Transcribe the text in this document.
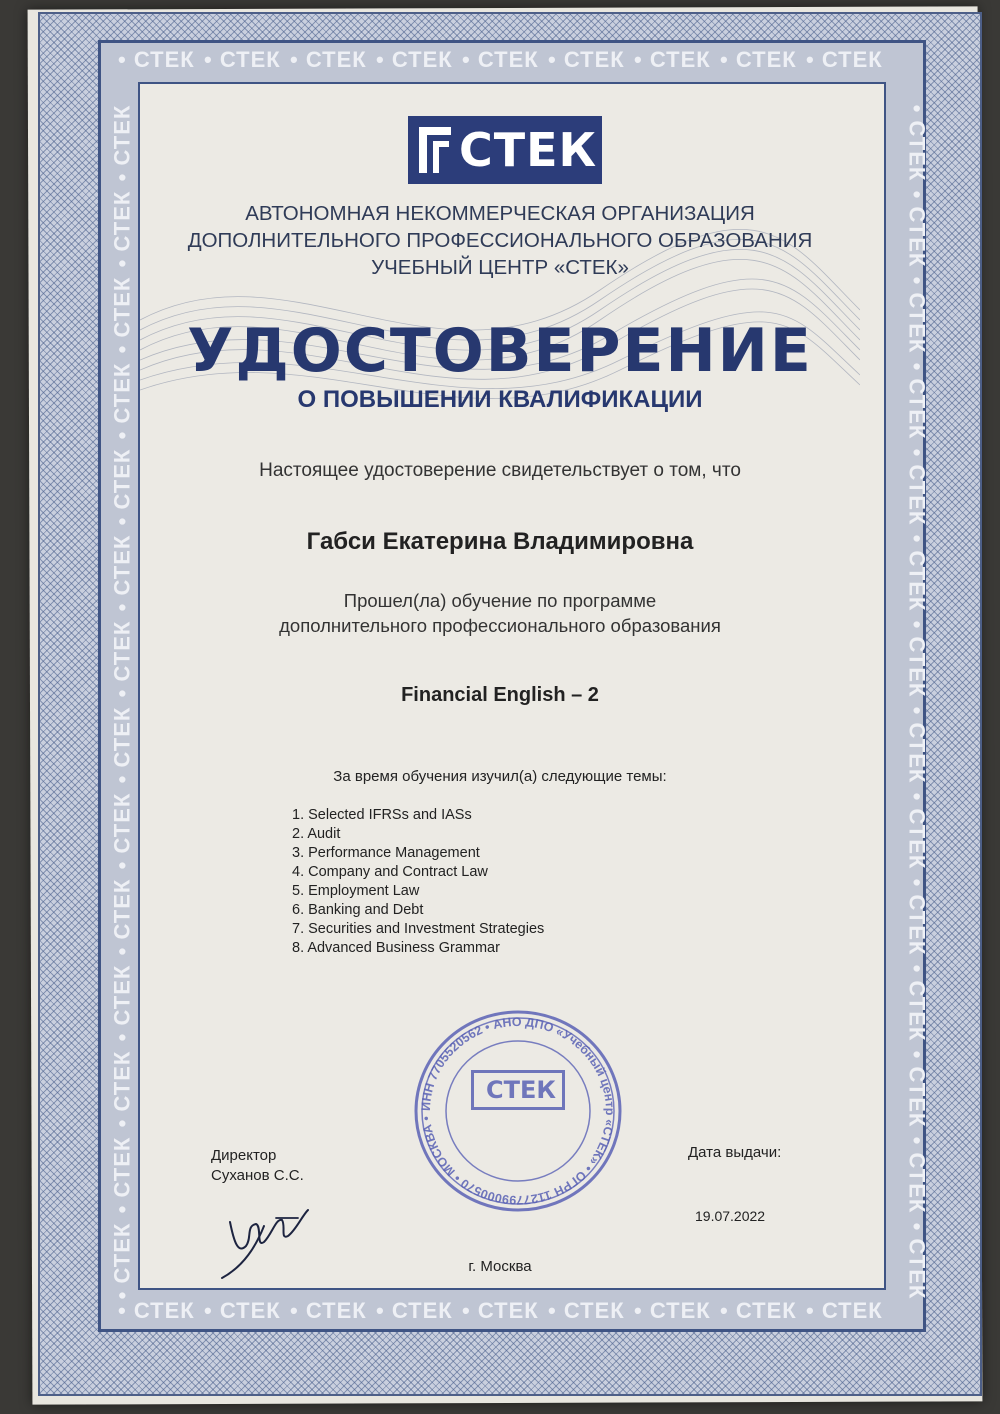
• СТЕК
• СТЕК
• СТЕК
• СТЕК
• СТЕК
• СТЕК
• СТЕК
• СТЕК
• СТЕК
• СТЕК
• СТЕК
• СТЕК
• СТЕК
• СТЕК
• СТЕК
• СТЕК
• СТЕК
• СТЕК
• СТЕК	• СТЕК
• СТЕК	• СТЕК
• СТЕК	• СТЕК
• СТЕК	• СТЕК
• СТЕК	• СТЕК
• СТЕК	• СТЕК
• СТЕК	• СТЕК
• СТЕК	• СТЕК
• СТЕК	• СТЕК
• СТЕК	• СТЕК
• СТЕК	• СТЕК
• СТЕК	• СТЕК
• СТЕК	• СТЕК
• СТЕК	• СТЕК
СТЕК
АВТОНОМНАЯ НЕКОММЕРЧЕСКАЯ ОРГАНИЗАЦИЯ
ДОПОЛНИТЕЛЬНОГО ПРОФЕССИОНАЛЬНОГО ОБРАЗОВАНИЯ
УЧЕБНЫЙ ЦЕНТР «СТЕК»
УДОСТОВЕРЕНИЕ
О ПОВЫШЕНИИ КВАЛИФИКАЦИИ
Настоящее удостоверение свидетельствует о том, что
Габси Екатерина Владимировна
Прошел(ла) обучение по программе
дополнительного профессионального образования
Financial English – 2
За время обучения изучил(а) следующие темы:
1. Selected IFRSs and IASs
2. Audit
3. Performance Management
4. Company and Contract Law
5. Employment Law
6. Banking and Debt
7. Securities and Investment Strategies
8. Advanced Business Grammar
ИНН 7705520562 • АНО ДПО «Учебный центр «СТЕК» • ОГРН 1127799000570 • МОСКВА •
СТЕК
Директор
Суханов С.С.
Дата выдачи:
19.07.2022
г. Москва
